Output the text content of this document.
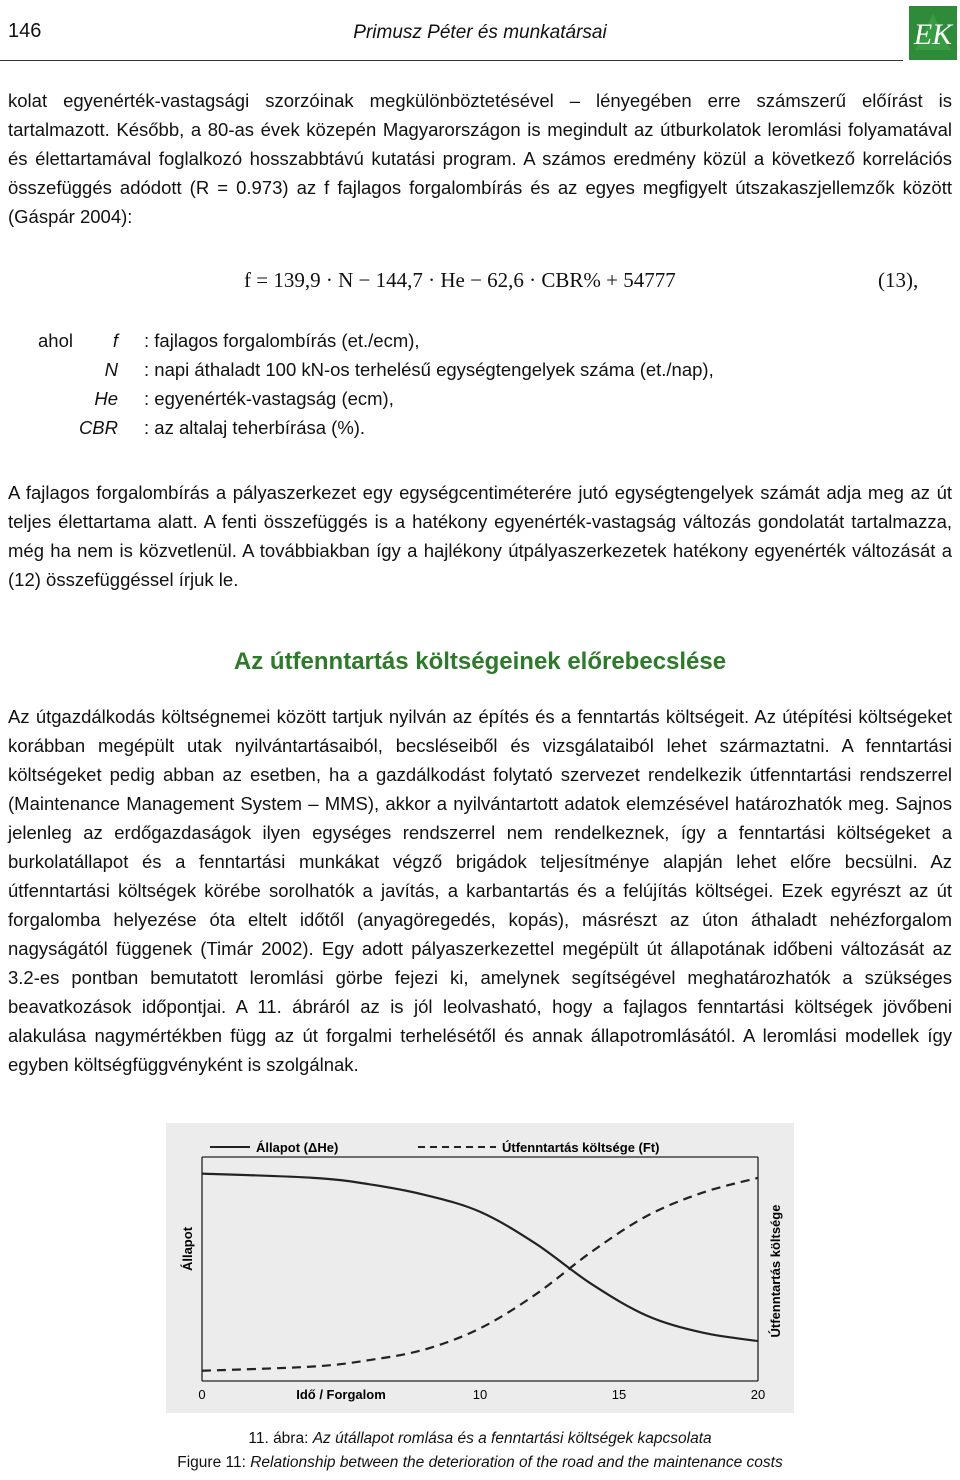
146	Primusz Péter és munkatársai	EK

kolat egyenérték-vastagsági szorzóinak megkülönböztetésével – lényegében erre számszerű előírást is tartalmazott. Később, a 80-as évek közepén Magyarországon is megindult az útburkolatok leromlási folyamatával és élettartamával foglalkozó hosszabbtávú kutatási program. A számos eredmény közül a következő korrelációs összefüggés adódott (R = 0.973) az f fajlagos forgalombírás és az egyes megfigyelt útszakaszjellemzők között (Gáspár 2004):

f = 139,9 · N − 144,7 · He − 62,6 · CBR% + 54777	(13),
ahol	f : fajlagos forgalombírás (et./ecm),
N : napi áthaladt 100 kN-os terhelésű egységtengelyek száma (et./nap),
He : egyenérték-vastagság (ecm),
CBR : az altalaj teherbírása (%).

A fajlagos forgalombírás a pályaszerkezet egy egységcentiméterére jutó egységtengelyek számát adja meg az út teljes élettartama alatt. A fenti összefüggés is a hatékony egyenérték-vastagság változás gondolatát tartalmazza, még ha nem is közvetlenül. A továbbiakban így a hajlékony útpályaszerkezetek hatékony egyenérték változását a (12) összefüggéssel írjuk le.

Az útfenntartás költségeinek előrebecslése

Az útgazdálkodás költségnemei között tartjuk nyilván az építés és a fenntartás költségeit. Az útépítési költségeket korábban megépült utak nyilvántartásaiból, becsléseiből és vizsgálataiból lehet származtatni. A fenntartási költségeket pedig abban az esetben, ha a gazdálkodást folytató szervezet rendelkezik útfenntartási rendszerrel (Maintenance Management System – MMS), akkor a nyilvántartott adatok elemzésével határozhatók meg. Sajnos jelenleg az erdőgazdaságok ilyen egységes rendszerrel nem rendelkeznek, így a fenntartási költségeket a burkolatállapot és a fenntartási munkákat végző brigádok teljesítménye alapján lehet előre becsülni. Az útfenntartási költségek körébe sorolhatók a javítás, a karbantartás és a felújítás költségei. Ezek egyrészt az út forgalomba helyezése óta eltelt időtől (anyagöregedés, kopás), másrészt az úton áthaladt nehézforgalom nagyságától függenek (Timár 2002). Egy adott pályaszerkezettel megépült út állapotának időbeni változását az 3.2-es pontban bemutatott leromlási görbe fejezi ki, amelynek segítségével meghatározhatók a szükséges beavatkozások időpontjai. A 11. ábráról az is jól leolvasható, hogy a fajlagos fenntartási költségek jövőbeni alakulása nagymértékben függ az út forgalmi terhelésétől és annak állapotromlásától. A leromlási modellek így egyben költségfüggvényként is szolgálnak.

Állapot (ΔHe)	Útfenntartás költsége (Ft)
Állapot	Útfenntartás költsége
0	10	15	20
Idő / Forgalom
11. ábra: Az útállapot romlása és a fenntartási költségek kapcsolata
Figure 11: Relationship between the deterioration of the road and the maintenance costs
